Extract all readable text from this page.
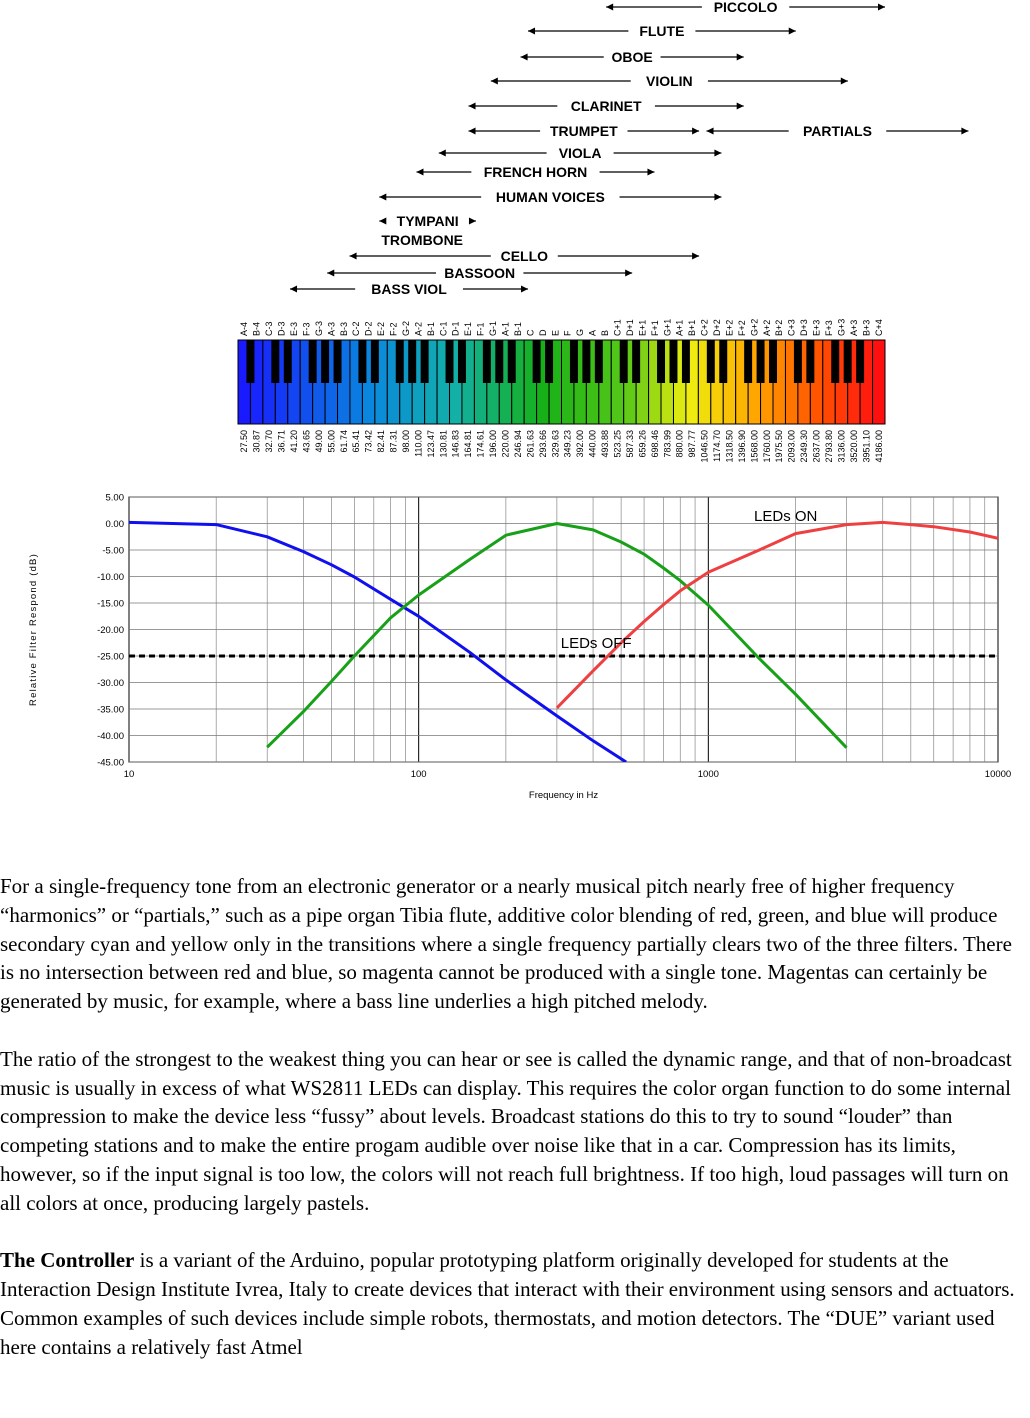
PICCOLO
FLUTE
OBOE
VIOLIN
CLARINET
TRUMPET	PARTIALS
VIOLA
FRENCH HORN
HUMAN VOICES
TYMPANI
TROMBONE
CELLO
BASSOON
BASS VIOL
A-4
27.50
B-4
30.87
C-3
32.70
D-3
36.71
E-3
41.20
F-3
43.65
G-3
49.00
A-3
55.00
B-3
61.74
C-2
65.41
D-2
73.42
E-2
82.41
F-2
87.31
G-2
98.00
A-2
110.00
B-1
123.47
C-1
130.81
D-1
146.83
E-1
164.81
F-1
174.61
G-1
196.00
A-1
220.00
B-1
246.94
C
261.63
D
293.66
E
329.63
F
349.23
G
392.00
A
440.00
B
493.88
C+1
523.25
D+1
587.33
E+1
659.26
F+1
698.46
G+1
783.99
A+1
880.00
B+1
987.77
C+2
1046.50
D+2
1174.70
E+2
1318.50
F+2
1396.90
G+2
1568.00
A+2
1760.00
B+2
1975.50
C+3
2093.00
D+3
2349.30
E+3
2637.00
F+3
2793.80
G+3
3136.00
A+3
3520.00
B+3
3951.10
C+4
4186.00
5.00
0.00
-5.00
-10.00
-15.00
-20.00
-25.00
-30.00
-35.00
-40.00
-45.00
10	100	1000	10000
Frequency in Hz
Relative Filter Respond (dB)
LEDs ON
LEDs OFF

For a single-frequency tone from an electronic generator or a nearly musical pitch nearly free of higher frequency “harmonics” or “partials,” such as a pipe organ Tibia flute, additive color blending of red, green, and blue will produce secondary cyan and yellow only in the transitions where a single frequency partially clears two of the three filters. There is no intersection between red and blue, so magenta cannot be produced with a single tone. Magentas can certainly be generated by music, for example, where a bass line underlies a high pitched melody.

The ratio of the strongest to the weakest thing you can hear or see is called the dynamic range, and that of non-broadcast music is usually in excess of what WS2811 LEDs can display. This requires the color organ function to do some internal compression to make the device less “fussy” about levels. Broadcast stations do this to try to sound “louder” than competing stations and to make the entire progam audible over noise like that in a car. Compression has its limits, however, so if the input signal is too low, the colors will not reach full brightness. If too high, loud passages will turn on all colors at once, producing largely pastels.

The Controller is a variant of the Arduino, popular prototyping platform originally developed for students at the Interaction Design Institute Ivrea, Italy to create devices that interact with their environment using sensors and actuators. Common examples of such devices include simple robots, thermostats, and motion detectors. The “DUE” variant used here contains a relatively fast Atmel
